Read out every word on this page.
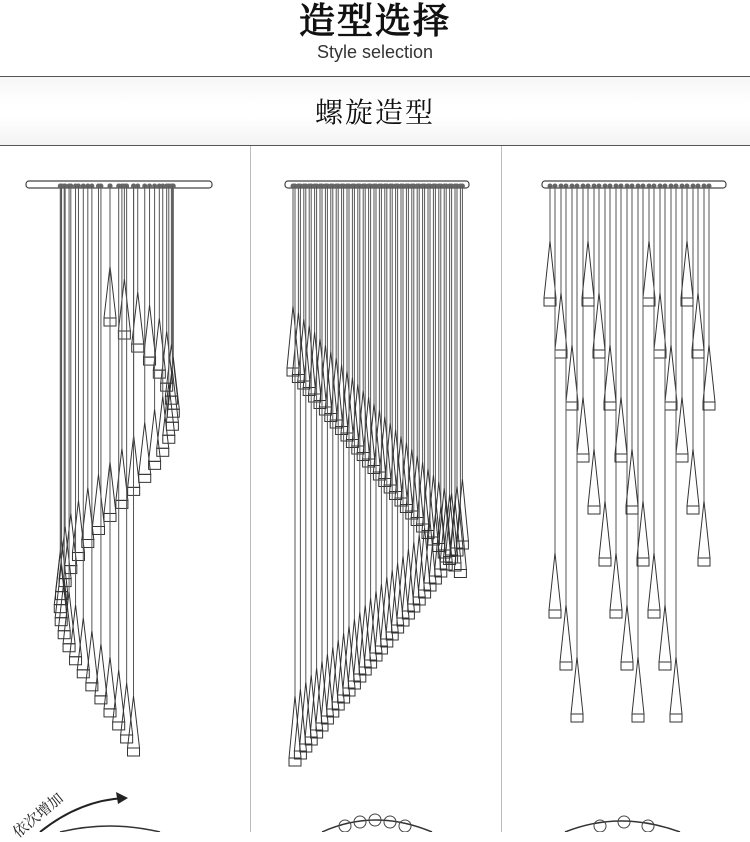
造型选择
Style selection
螺旋造型
依次增加
